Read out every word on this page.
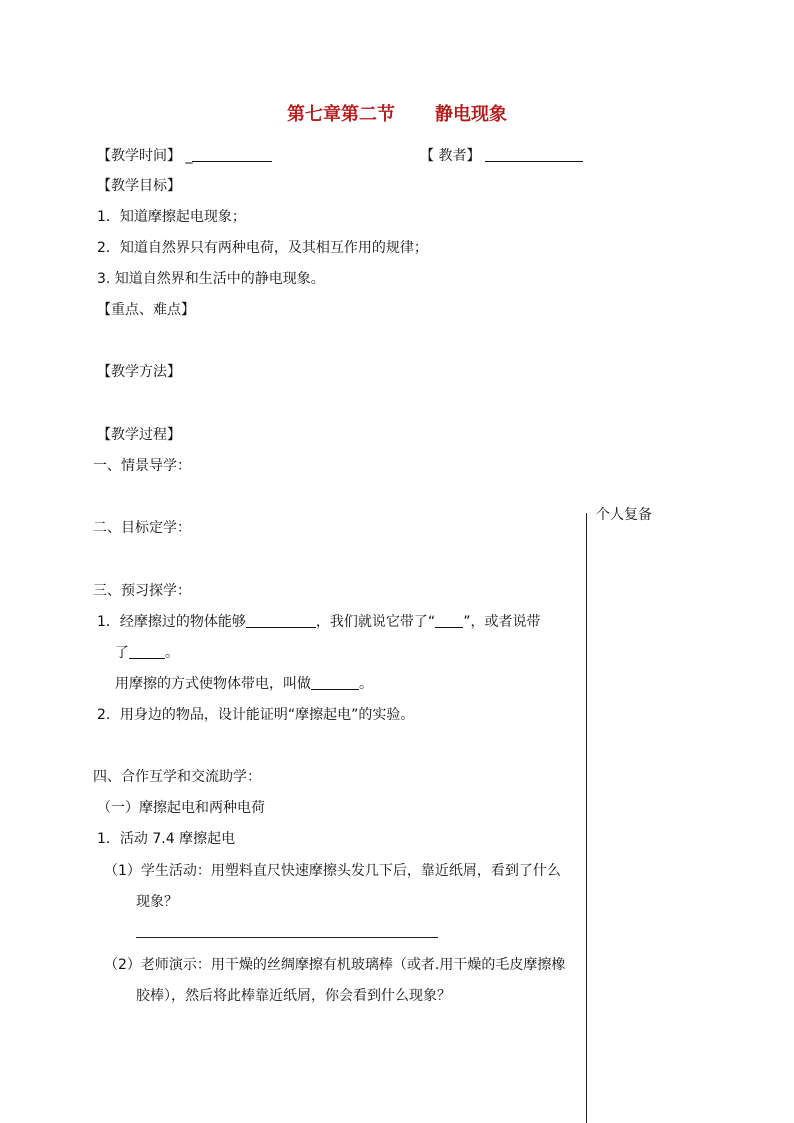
第七章第二节 静电现象
【教学时间】 _	【 教者】
【教学目标】
1．知道摩擦起电现象；
2．知道自然界只有两种电荷，及其相互作用的规律；
3. 知道自然界和生活中的静电现象。
【重点、难点】
【教学方法】
【教学过程】
一、情景导学：
个人复备
二、目标定学：
三、预习探学：
1．经摩擦过的物体能够	，我们就说它带了“ ”，或者说带
了	。
用摩擦的方式使物体带电，叫做	。
2．用身边的物品，设计能证明“摩擦起电”的实验。
四、合作互学和交流助学：
（一）摩擦起电和两种电荷
1．活动 7.4 摩擦起电
（1）学生活动：用塑料直尺快速摩擦头发几下后，靠近纸屑，看到了什么
现象？
（2）老师演示：用干燥的丝绸摩擦有机玻璃棒（或者.用干燥的毛皮摩擦橡
胶棒），然后将此棒靠近纸屑，你会看到什么现象？
